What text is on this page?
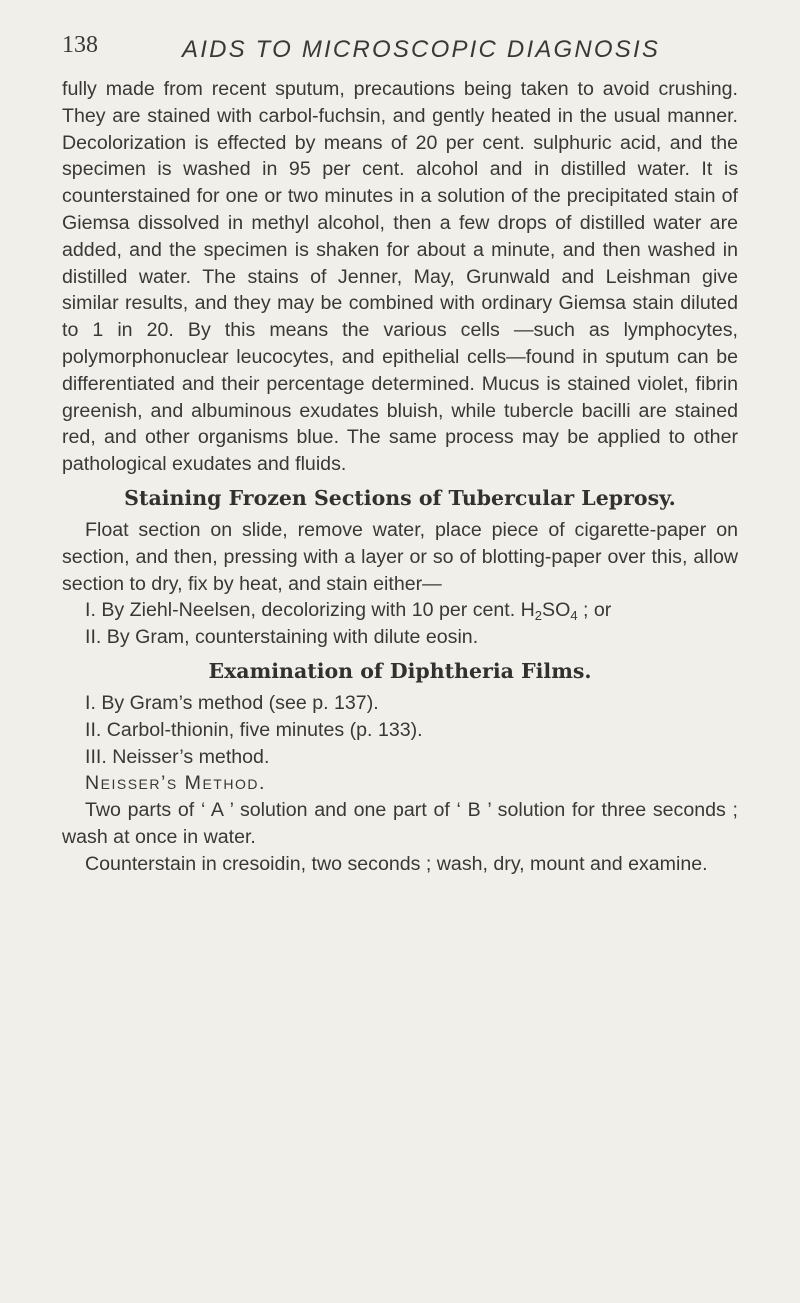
138	AIDS TO MICROSCOPIC DIAGNOSIS

fully made from recent sputum, precautions being taken to avoid crushing. They are stained with carbol-fuchsin, and gently heated in the usual manner. Decolorization is effected by means of 20 per cent. sulphuric acid, and the specimen is washed in 95 per cent. alcohol and in distilled water. It is counterstained for one or two minutes in a solution of the precipitated stain of Giemsa dissolved in methyl alcohol, then a few drops of distilled water are added, and the specimen is shaken for about a minute, and then washed in distilled water. The stains of Jenner, May, Grunwald and Leishman give similar results, and they may be combined with ordinary Giemsa stain diluted to 1 in 20. By this means the various cells —such as lymphocytes, polymorphonuclear leucocytes, and epithelial cells—found in sputum can be differentiated and their percentage determined. Mucus is stained violet, fibrin greenish, and albuminous exudates bluish, while tubercle bacilli are stained red, and other organisms blue. The same process may be applied to other pathological exudates and fluids.

Staining Frozen Sections of Tubercular Leprosy.

Float section on slide, remove water, place piece of cigarette-paper on section, and then, pressing with a layer or so of blotting-paper over this, allow section to dry, fix by heat, and stain either—

I. By Ziehl-Neelsen, decolorizing with 10 per cent. $H_2SO_4$ ; or

II. By Gram, counterstaining with dilute eosin.

Examination of Diphtheria Films.

I. By Gram’s method (see p. 137).

II. Carbol-thionin, five minutes (p. 133).

III. Neisser’s method.

Neisser’s Method.

Two parts of ‘ A ’ solution and one part of ‘ B ’ solution for three seconds ; wash at once in water.

Counterstain in cresoidin, two seconds ; wash, dry, mount and examine.
